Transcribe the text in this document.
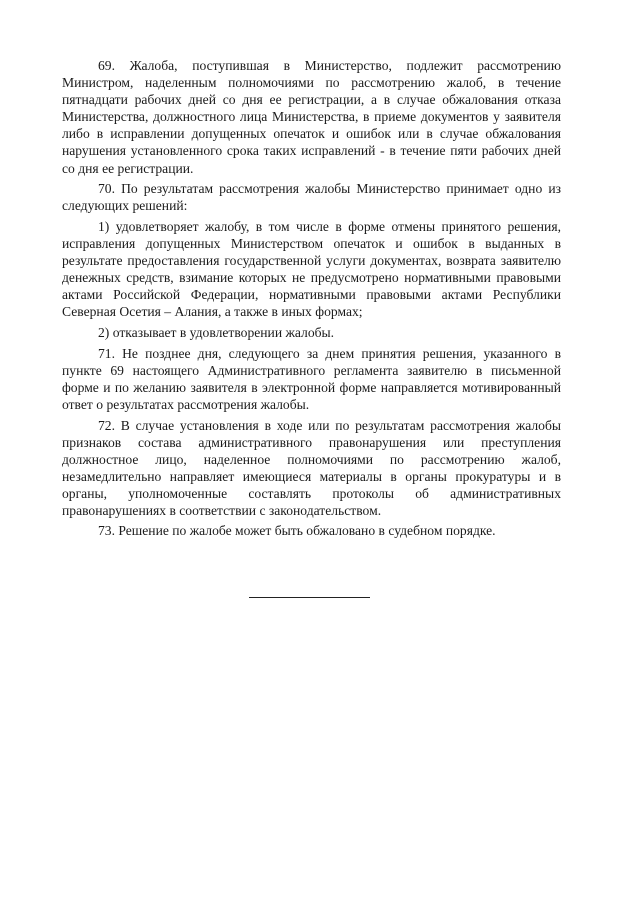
69. Жалоба, поступившая в Министерство, подлежит рассмотрению Министром, наделенным полномочиями по рассмотрению жалоб, в течение пятнадцати рабочих дней со дня ее регистрации, а в случае обжалования отказа Министерства, должностного лица Министерства, в приеме документов у заявителя либо в исправлении допущенных опечаток и ошибок или в случае обжалования нарушения установленного срока таких исправлений - в течение пяти рабочих дней со дня ее регистрации.

70. По результатам рассмотрения жалобы Министерство принимает одно из следующих решений:

1) удовлетворяет жалобу, в том числе в форме отмены принятого решения, исправления допущенных Министерством опечаток и ошибок в выданных в результате предоставления государственной услуги документах, возврата заявителю денежных средств, взимание которых не предусмотрено нормативными правовыми актами Российской Федерации, нормативными правовыми актами Республики Северная Осетия – Алания, а также в иных формах;

2) отказывает в удовлетворении жалобы.

71. Не позднее дня, следующего за днем принятия решения, указанного в пункте 69 настоящего Административного регламента заявителю в письменной форме и по желанию заявителя в электронной форме направляется мотивированный ответ о результатах рассмотрения жалобы.

72. В случае установления в ходе или по результатам рассмотрения жалобы признаков состава административного правонарушения или преступления должностное лицо, наделенное полномочиями по рассмотрению жалоб, незамедлительно направляет имеющиеся материалы в органы прокуратуры и в органы, уполномоченные составлять протоколы об административных правонарушениях в соответствии с законодательством.

73. Решение по жалобе может быть обжаловано в судебном порядке.
